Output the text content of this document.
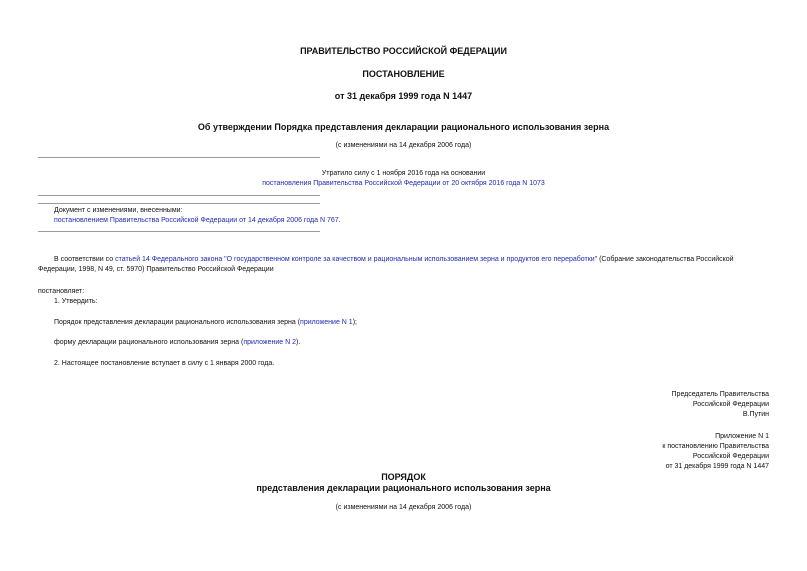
ПРАВИТЕЛЬСТВО РОССИЙСКОЙ ФЕДЕРАЦИИ
ПОСТАНОВЛЕНИЕ
от 31 декабря 1999 года N 1447
Об утверждении Порядка представления декларации рационального использования зерна
(с изменениями на 14 декабря 2006 года)
Утратило силу с 1 ноября 2016 года на основании
постановления Правительства Российской Федерации от 20 октября 2016 года N 1073
Документ с изменениями, внесенными:
постановлением Правительства Российской Федерации от 14 декабря 2006 года N 767.
В соответствии со статьей 14 Федерального закона "О государственном контроле за качеством и рациональным использованием зерна и продуктов его переработки" (Собрание законодательства Российской
Федерации, 1998, N 49, ст. 5970) Правительство Российской Федерации
постановляет:
1. Утвердить:
Порядок представления декларации рационального использования зерна (приложение N 1);
форму декларации рационального использования зерна (приложение N 2).
2. Настоящее постановление вступает в силу с 1 января 2000 года.
Председатель Правительства
Российской Федерации
В.Путин
Приложение N 1
к постановлению Правительства
Российской Федерации
от 31 декабря 1999 года N 1447
ПОРЯДОК
представления декларации рационального использования зерна
(с изменениями на 14 декабря 2006 года)
